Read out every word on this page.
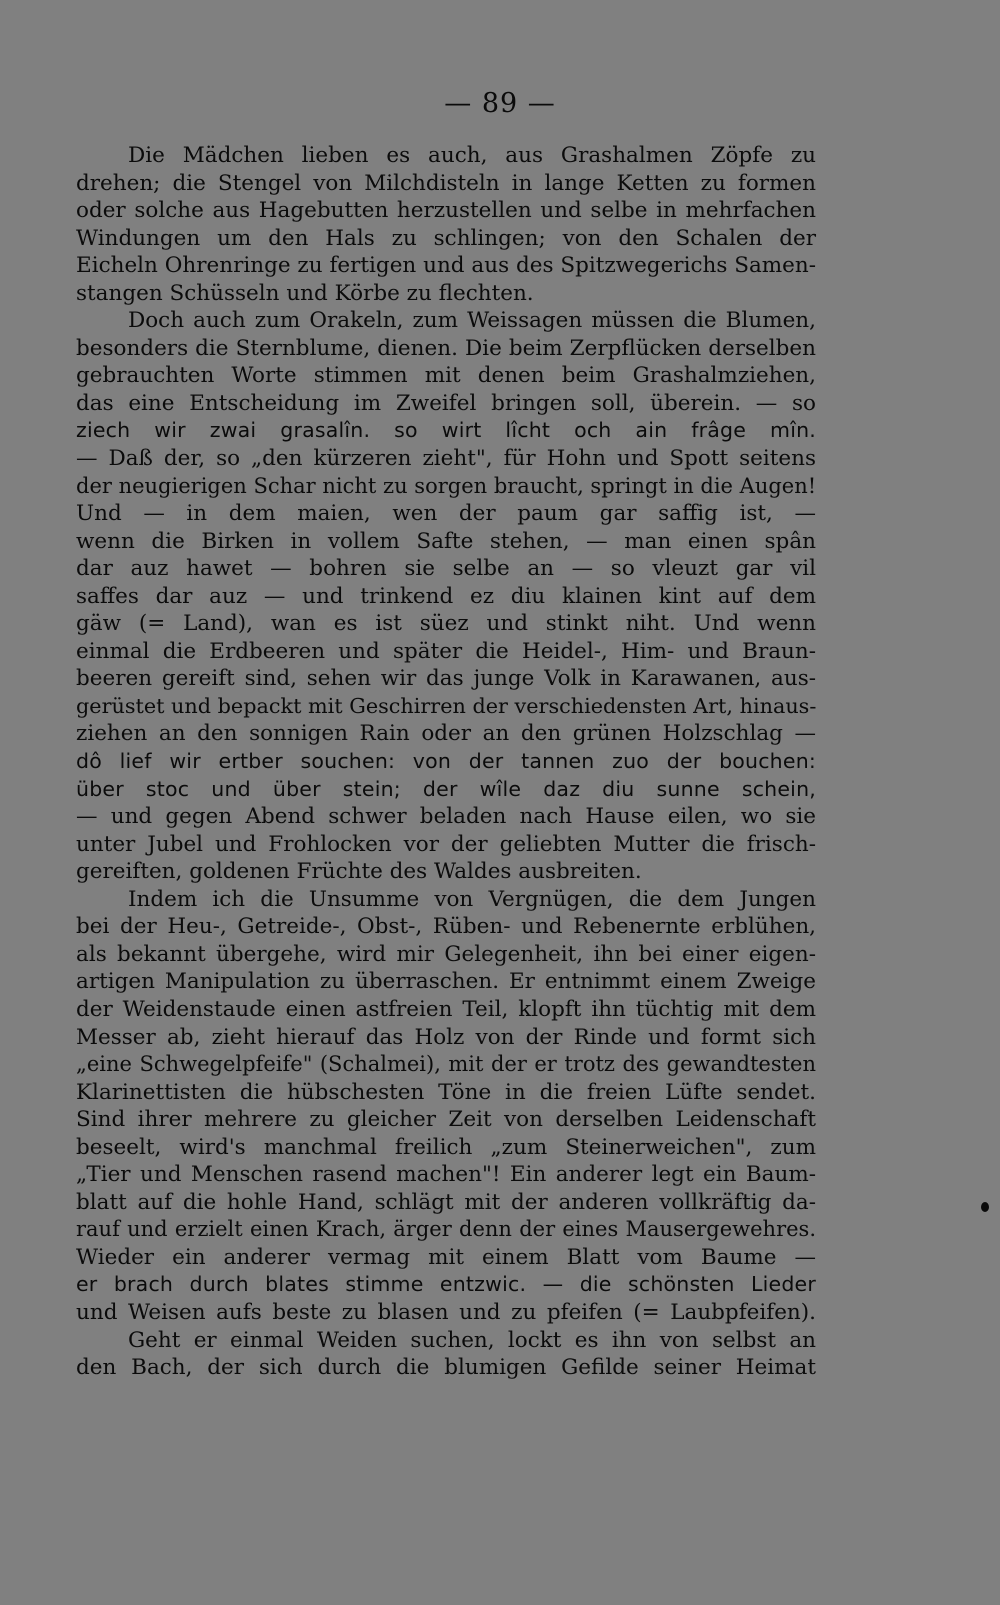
— 89 —
Die Mädchen lieben es auch, aus Grashalmen Zöpfe zu
drehen; die Stengel von Milchdisteln in lange Ketten zu formen
oder solche aus Hagebutten herzustellen und selbe in mehrfachen
Windungen um den Hals zu schlingen; von den Schalen der
Eicheln Ohrenringe zu fertigen und aus des Spitzwegerichs Samen-
stangen Schüsseln und Körbe zu flechten.
Doch auch zum Orakeln, zum Weissagen müssen die Blumen,
besonders die Sternblume, dienen. Die beim Zerpflücken derselben
gebrauchten Worte stimmen mit denen beim Grashalmziehen,
das eine Entscheidung im Zweifel bringen soll, überein. — so
ziech wir zwai grasalîn. so wirt lîcht och ain frâge mîn.
— Daß der, so „den kürzeren zieht", für Hohn und Spott seitens
der neugierigen Schar nicht zu sorgen braucht, springt in die Augen!
Und — in dem maien, wen der paum gar saffig ist, —
wenn die Birken in vollem Safte stehen, — man einen spân
dar auz hawet — bohren sie selbe an — so vleuzt gar vil
saffes dar auz — und trinkend ez diu klainen kint auf dem
gäw (= Land), wan es ist süez und stinkt niht. Und wenn
einmal die Erdbeeren und später die Heidel-, Him- und Braun-
beeren gereift sind, sehen wir das junge Volk in Karawanen, aus-
gerüstet und bepackt mit Geschirren der verschiedensten Art, hinaus-
ziehen an den sonnigen Rain oder an den grünen Holzschlag —
dô lief wir ertber souchen: von der tannen zuo der bouchen:
über stoc und über stein; der wîle daz diu sunne schein,
— und gegen Abend schwer beladen nach Hause eilen, wo sie
unter Jubel und Frohlocken vor der geliebten Mutter die frisch-
gereiften, goldenen Früchte des Waldes ausbreiten.
Indem ich die Unsumme von Vergnügen, die dem Jungen
bei der Heu-, Getreide-, Obst-, Rüben- und Rebenernte erblühen,
als bekannt übergehe, wird mir Gelegenheit, ihn bei einer eigen-
artigen Manipulation zu überraschen. Er entnimmt einem Zweige
der Weidenstaude einen astfreien Teil, klopft ihn tüchtig mit dem
Messer ab, zieht hierauf das Holz von der Rinde und formt sich
„eine Schwegelpfeife" (Schalmei), mit der er trotz des gewandtesten
Klarinettisten die hübschesten Töne in die freien Lüfte sendet.
Sind ihrer mehrere zu gleicher Zeit von derselben Leidenschaft
beseelt, wird's manchmal freilich „zum Steinerweichen", zum
„Tier und Menschen rasend machen"! Ein anderer legt ein Baum-
blatt auf die hohle Hand, schlägt mit der anderen vollkräftig da-
rauf und erzielt einen Krach, ärger denn der eines Mausergewehres.
Wieder ein anderer vermag mit einem Blatt vom Baume —
er brach durch blates stimme entzwic. — die schönsten Lieder
und Weisen aufs beste zu blasen und zu pfeifen (= Laubpfeifen).
Geht er einmal Weiden suchen, lockt es ihn von selbst an
den Bach, der sich durch die blumigen Gefilde seiner Heimat
